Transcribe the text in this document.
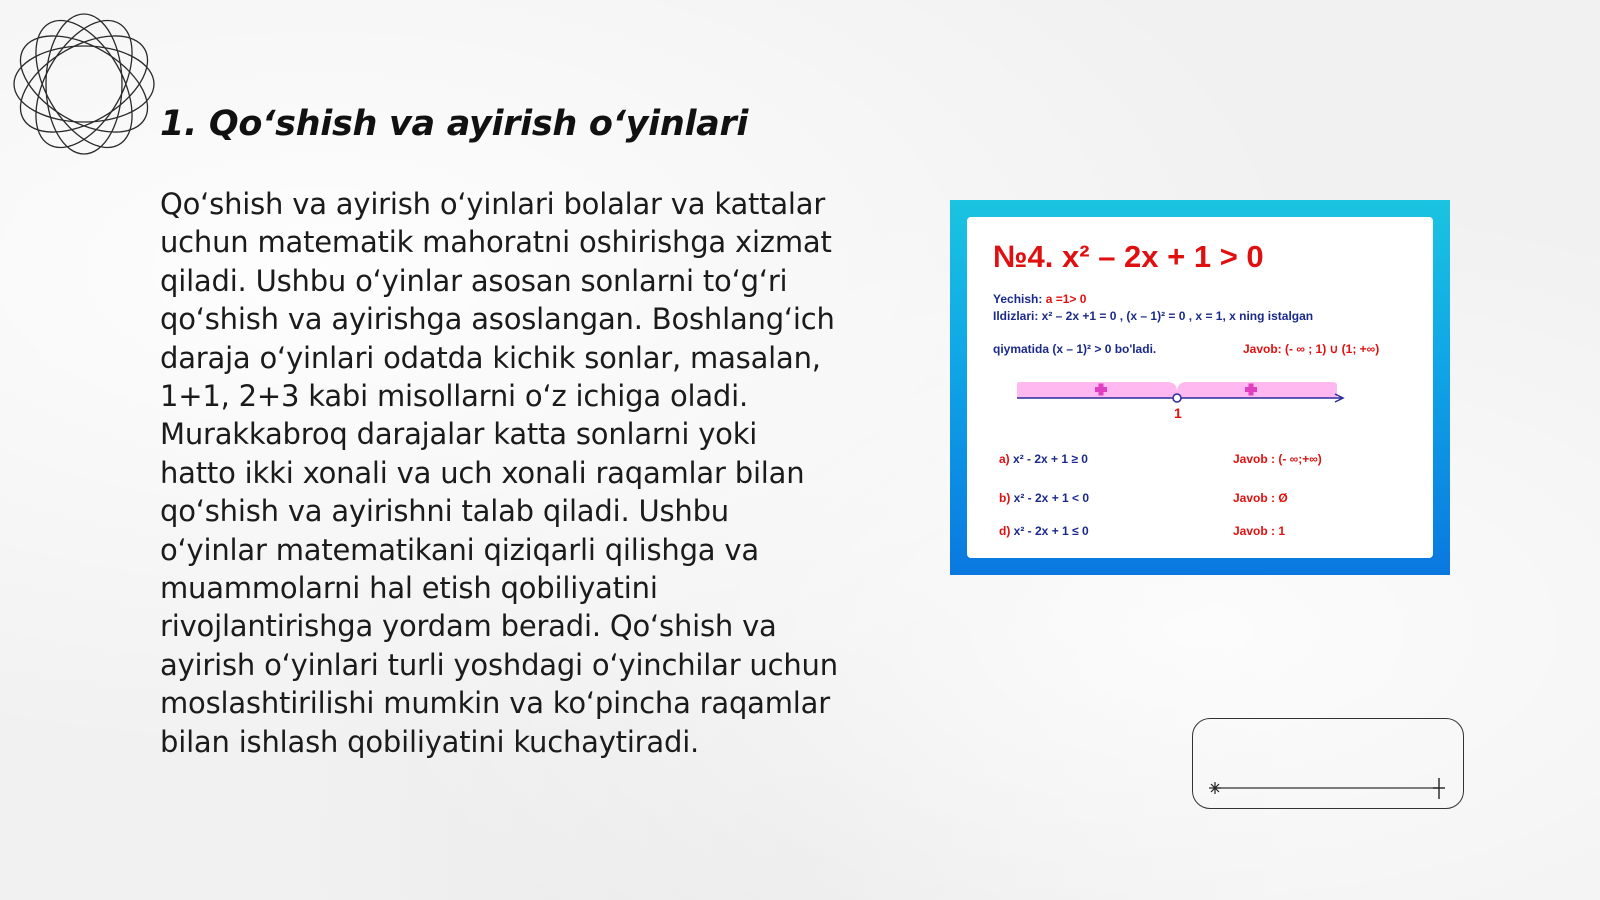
1. Qo‘shish va ayirish o‘yinlari

Qo‘shish va ayirish o‘yinlari bolalar va kattalar uchun matematik mahoratni oshirishga xizmat qiladi. Ushbu o‘yinlar asosan sonlarni to‘g‘ri qo‘shish va ayirishga asoslangan. Boshlang‘ich daraja o‘yinlari odatda kichik sonlar, masalan, 1+1, 2+3 kabi misollarni o‘z ichiga oladi. Murakkabroq darajalar katta sonlarni yoki hatto ikki xonali va uch xonali raqamlar bilan qo‘shish va ayirishni talab qiladi. Ushbu o‘yinlar matematikani qiziqarli qilishga va muammolarni hal etish qobiliyatini rivojlantirishga yordam beradi. Qo‘shish va ayirish o‘yinlari turli yoshdagi o‘yinchilar uchun moslashtirilishi mumkin va ko‘pincha raqamlar bilan ishlash qobiliyatini kuchaytiradi.

№4. x² – 2x + 1 > 0
Yechish: a =1> 0
Ildizlari: x² – 2x +1 = 0 , (x – 1)² = 0 , x = 1, x ning istalgan
qiymatida (x – 1)² > 0 bo'ladi.	Javob: (- ∞ ; 1) ∪ (1; +∞)
1
a) x² - 2x + 1 ≥ 0	Javob : (- ∞;+∞)
b) x² - 2x + 1 < 0	Javob : Ø
d) x² - 2x + 1 ≤ 0	Javob : 1
